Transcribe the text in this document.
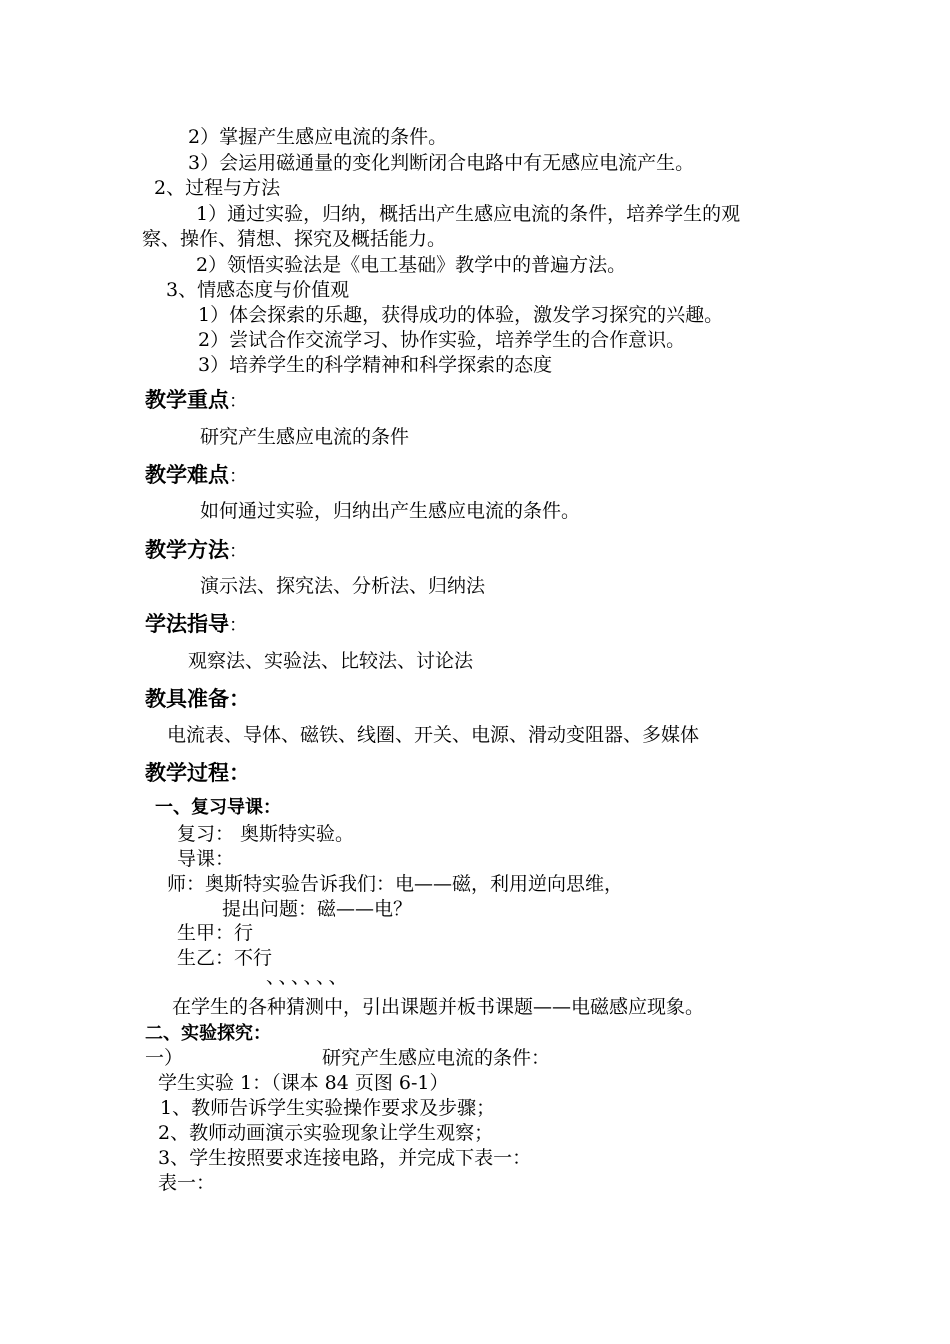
2）掌握产生感应电流的条件。
3）会运用磁通量的变化判断闭合电路中有无感应电流产生。
2、过程与方法
1）通过实验，归纳，概括出产生感应电流的条件，培养学生的观
察、操作、猜想、探究及概括能力。
2）领悟实验法是《电工基础》教学中的普遍方法。
3、情感态度与价值观
1）体会探索的乐趣，获得成功的体验，激发学习探究的兴趣。
2）尝试合作交流学习、协作实验，培养学生的合作意识。
3）培养学生的科学精神和科学探索的态度
教学重点：
研究产生感应电流的条件
教学难点：
如何通过实验，归纳出产生感应电流的条件。
教学方法：
演示法、探究法、分析法、归纳法
学法指导：
观察法、实验法、比较法、讨论法
教具准备：
电流表、导体、磁铁、线圈、开关、电源、滑动变阻器、多媒体
教学过程：
一、复习导课：
复习： 奥斯特实验。
导课：
师：奥斯特实验告诉我们：电——磁，利用逆向思维，
提出问题：磁——电？
生甲：行
生乙：不行
、、、、、、
在学生的各种猜测中，引出课题并板书课题——电磁感应现象。
二、实验探究：
一）	研究产生感应电流的条件：
学生实验 1：（课本 84 页图 6-1）
1、教师告诉学生实验操作要求及步骤；
2、教师动画演示实验现象让学生观察；
3、学生按照要求连接电路，并完成下表一：
表一：
